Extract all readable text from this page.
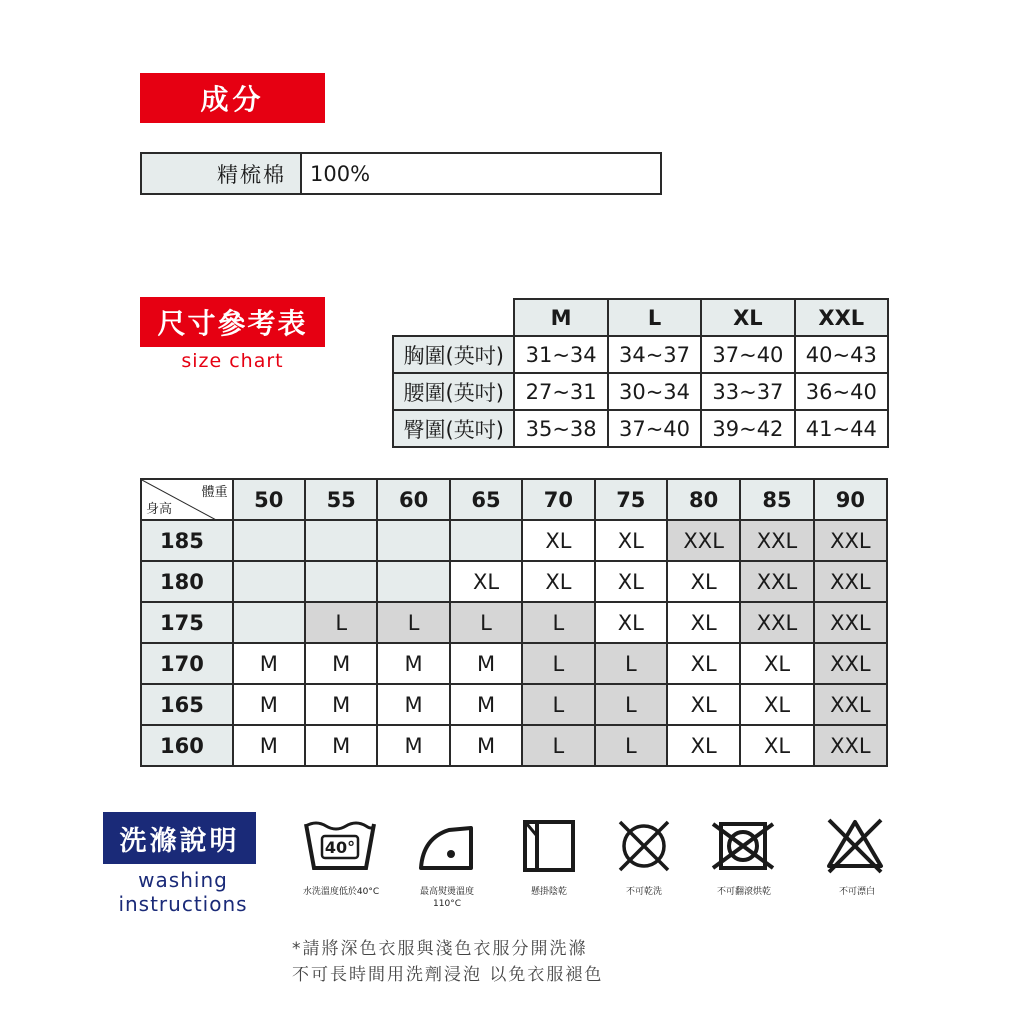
成分
精梳棉	100%
尺寸參考表
size chart
	M	L	XL	XXL
胸圍(英吋)	31~34	34~37	37~40	40~43
腰圍(英吋)	27~31	30~34	33~37	36~40
臀圍(英吋)	35~38	37~40	39~42	41~44
體重
身高	50	55	60	65	70	75	80	85	90
185					XL	XL	XXL	XXL	XXL
180				XL	XL	XL	XL	XXL	XXL
175		L	L	L	L	XL	XL	XXL	XXL
170	M	M	M	M	L	L	XL	XL	XXL
165	M	M	M	M	L	L	XL	XL	XXL
160	M	M	M	M	L	L	XL	XL	XXL
洗滌說明
washing
instructions
40°
水洗溫度低於40°C	最高熨燙溫度
110°C
懸掛陰乾	不可乾洗	不可翻滾烘乾	不可漂白
*請將深色衣服與淺色衣服分開洗滌
不可長時間用洗劑浸泡 以免衣服褪色
